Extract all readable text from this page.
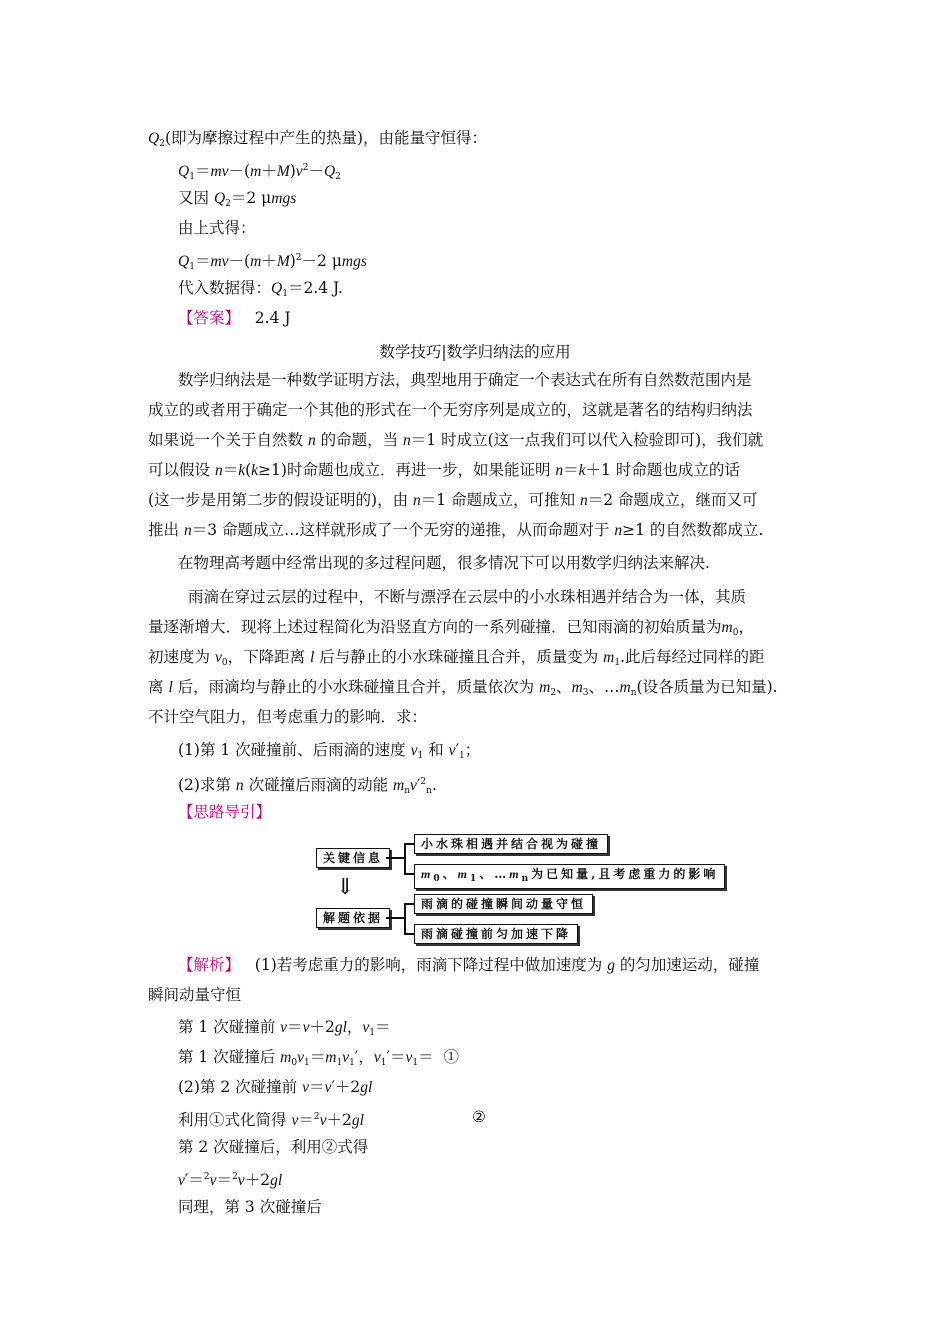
$Q_2$(即为摩擦过程中产生的热量)，由能量守恒得：
$Q_1=mv-(m+M)v^2-Q_2$
又因 $Q_2=2$ μmgs
由上式得：
$Q_1=mv-(m+M)^2-2$ μmgs
代入数据得：$Q_1=2.4$ J.
【答案】 2.4 J
数学技巧|数学归纳法的应用
数学归纳法是一种数学证明方法，典型地用于确定一个表达式在所有自然数范围内是
成立的或者用于确定一个其他的形式在一个无穷序列是成立的，这就是著名的结构归纳法
如果说一个关于自然数 n 的命题，当 n＝1 时成立(这一点我们可以代入检验即可)，我们就
可以假设 n＝k(k≥1)时命题也成立．再进一步，如果能证明 n＝k＋1 时命题也成立的话
(这一步是用第二步的假设证明的)，由 n＝1 命题成立，可推知 n＝2 命题成立，继而又可
推出 n＝3 命题成立…这样就形成了一个无穷的递推，从而命题对于 n≥1 的自然数都成立.
在物理高考题中经常出现的多过程问题，很多情况下可以用数学归纳法来解决.
雨滴在穿过云层的过程中，不断与漂浮在云层中的小水珠相遇并结合为一体，其质
量逐渐增大．现将上述过程简化为沿竖直方向的一系列碰撞．已知雨滴的初始质量为$m_0$，
初速度为 $v_0$，下降距离 l 后与静止的小水珠碰撞且合并，质量变为 $m_1$.此后每经过同样的距
离 l 后，雨滴均与静止的小水珠碰撞且合并，质量依次为 $m_2$、$m_3$、$\dots m_n$(设各质量为已知量).
不计空气阻力，但考虑重力的影响．求：
(1)第 1 次碰撞前、后雨滴的速度 $v_1$ 和 $v'_1$；
(2)求第 n 次碰撞后雨滴的动能 $m_nv'^2_n$.
【思路导引】
关键信息
解题依据
小水珠相遇并结合视为碰撞
$m_0$、$m_1$、$\dots m_n$为已知量,且考虑重力的影响
雨滴的碰撞瞬间动量守恒
雨滴碰撞前匀加速下降
⇓
【解析】   (1)若考虑重力的影响，雨滴下降过程中做加速度为 g 的匀加速运动，碰撞
瞬间动量守恒
第 1 次碰撞前 v＝v＋2gl，$v_1=$
第 1 次碰撞后 $m_0v_1=m_1v_1'$，$v_1'=v_1=$  ①
(2)第 2 次碰撞前 v＝v′＋2gl
利用①式化简得 v＝$^2$v＋2gl	②
第 2 次碰撞后，利用②式得
v′＝$^2$v＝$^2$v＋2gl
同理，第 3 次碰撞后
